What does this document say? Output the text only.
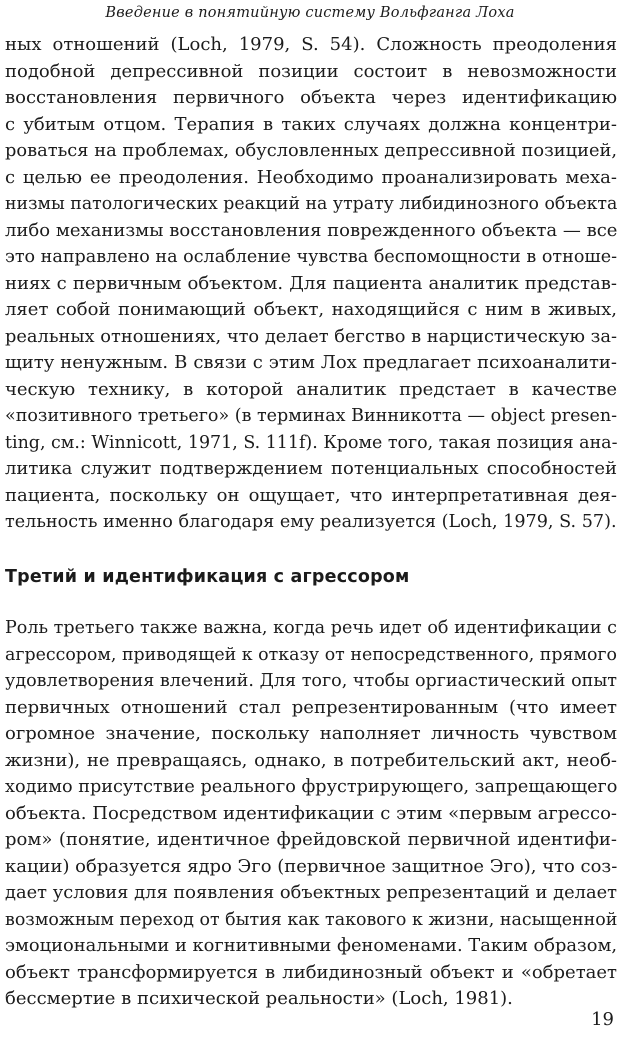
Введение в понятийную систему Вольфганга Лоха

ных отношений (Loch, 1979, S. 54). Сложность преодоления
подобной депрессивной позиции состоит в невозможности
восстановления первичного объекта через идентификацию
с убитым отцом. Терапия в таких случаях должна концентри-
роваться на проблемах, обусловленных депрессивной позицией,
с целью ее преодоления. Необходимо проанализировать меха-
низмы патологических реакций на утрату либидинозного объекта
либо механизмы восстановления поврежденного объекта — все
это направлено на ослабление чувства беспомощности в отноше-
ниях с первичным объектом. Для пациента аналитик представ-
ляет собой понимающий объект, находящийся с ним в живых,
реальных отношениях, что делает бегство в нарцистическую за-
щиту ненужным. В связи с этим Лох предлагает психоаналити-
ческую технику, в которой аналитик предстает в качестве
«позитивного третьего» (в терминах Винникотта — object presen-
ting, см.: Winnicott, 1971, S. 111f). Кроме того, такая позиция ана-
литика служит подтверждением потенциальных способностей
пациента, поскольку он ощущает, что интерпретативная дея-
тельность именно благодаря ему реализуется (Loch, 1979, S. 57).
Третий и идентификация с агрессором
Роль третьего также важна, когда речь идет об идентификации с
агрессором, приводящей к отказу от непосредственного, прямого
удовлетворения влечений. Для того, чтобы оргиастический опыт
первичных отношений стал репрезентированным (что имеет
огромное значение, поскольку наполняет личность чувством
жизни), не превращаясь, однако, в потребительский акт, необ-
ходимо присутствие реального фрустрирующего, запрещающего
объекта. Посредством идентификации с этим «первым агрессо-
ром» (понятие, идентичное фрейдовской первичной идентифи-
кации) образуется ядро Эго (первичное защитное Эго), что соз-
дает условия для появления объектных репрезентаций и делает
возможным переход от бытия как такового к жизни, насыщенной
эмоциональными и когнитивными феноменами. Таким образом,
объект трансформируется в либидинозный объект и «обретает
бессмертие в психической реальности» (Loch, 1981).

19
